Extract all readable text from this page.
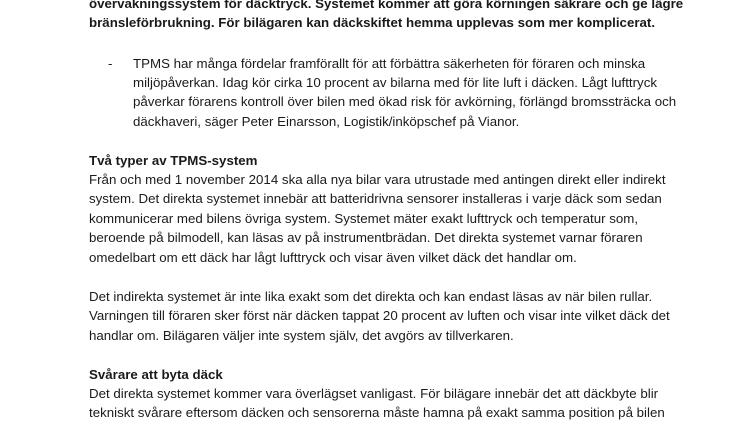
övervakningssystem för däcktryck. Systemet kommer att göra körningen säkrare och ge lägre
bränsleförbrukning. För bilägaren kan däckskiftet hemma upplevas som mer komplicerat.
- TPMS har många fördelar framförallt för att förbättra säkerheten för föraren och minska
miljöpåverkan. Idag kör cirka 10 procent av bilarna med för lite luft i däcken. Lågt lufttryck
påverkar förarens kontroll över bilen med ökad risk för avkörning, förlängd bromssträcka och
däckhaveri, säger Peter Einarsson, Logistik/inköpschef på Vianor.
Två typer av TPMS-system
Från och med 1 november 2014 ska alla nya bilar vara utrustade med antingen direkt eller indirekt
system. Det direkta systemet innebär att batteridrivna sensorer installeras i varje däck som sedan
kommunicerar med bilens övriga system. Systemet mäter exakt lufttryck och temperatur som,
beroende på bilmodell, kan läsas av på instrumentbrädan. Det direkta systemet varnar föraren
omedelbart om ett däck har lågt lufttryck och visar även vilket däck det handlar om.
Det indirekta systemet är inte lika exakt som det direkta och kan endast läsas av när bilen rullar.
Varningen till föraren sker först när däcken tappat 20 procent av luften och visar inte vilket däck det
handlar om. Bilägaren väljer inte system själv, det avgörs av tillverkaren.
Svårare att byta däck
Det direkta systemet kommer vara överlägset vanligast. För bilägare innebär det att däckbyte blir
tekniskt svårare eftersom däcken och sensorerna måste hamna på exakt samma position på bilen
